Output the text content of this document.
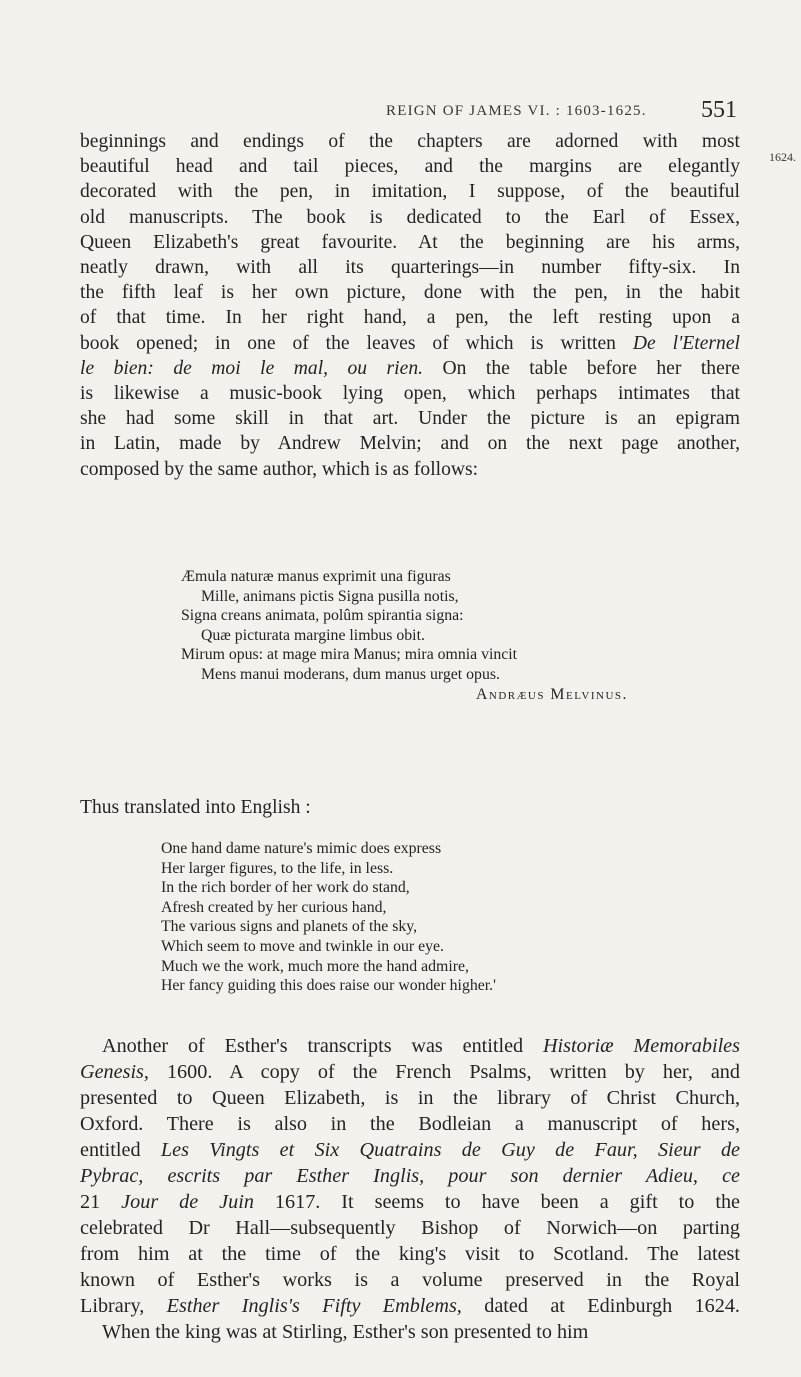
REIGN OF JAMES VI. : 1603-1625. 551
1624.
beginnings and endings of the chapters are adorned with most
beautiful head and tail pieces, and the margins are elegantly
decorated with the pen, in imitation, I suppose, of the beautiful
old manuscripts. The book is dedicated to the Earl of Essex,
Queen Elizabeth's great favourite. At the beginning are his arms,
neatly drawn, with all its quarterings—in number fifty-six. In
the fifth leaf is her own picture, done with the pen, in the habit
of that time. In her right hand, a pen, the left resting upon a
book opened; in one of the leaves of which is written De l'Eternel
le bien: de moi le mal, ou rien. On the table before her there
is likewise a music-book lying open, which perhaps intimates that
she had some skill in that art. Under the picture is an epigram
in Latin, made by Andrew Melvin; and on the next page another,
composed by the same author, which is as follows:
Æmula naturæ manus exprimit una figuras
Mille, animans pictis Signa pusilla notis,
Signa creans animata, polûm spirantia signa:
Quæ picturata margine limbus obit.
Mirum opus: at mage mira Manus; mira omnia vincit
Mens manui moderans, dum manus urget opus.
Andræus Melvinus.

Thus translated into English :

One hand dame nature's mimic does express
Her larger figures, to the life, in less.
In the rich border of her work do stand,
Afresh created by her curious hand,
The various signs and planets of the sky,
Which seem to move and twinkle in our eye.
Much we the work, much more the hand admire,
Her fancy guiding this does raise our wonder higher.'
Another of Esther's transcripts was entitled Historiæ Memorabiles
Genesis, 1600. A copy of the French Psalms, written by her, and
presented to Queen Elizabeth, is in the library of Christ Church,
Oxford. There is also in the Bodleian a manuscript of hers,
entitled Les Vingts et Six Quatrains de Guy de Faur, Sieur de
Pybrac, escrits par Esther Inglis, pour son dernier Adieu, ce
21 Jour de Juin 1617. It seems to have been a gift to the
celebrated Dr Hall—subsequently Bishop of Norwich—on parting
from him at the time of the king's visit to Scotland. The latest
known of Esther's works is a volume preserved in the Royal
Library, Esther Inglis's Fifty Emblems, dated at Edinburgh 1624.
When the king was at Stirling, Esther's son presented to him
